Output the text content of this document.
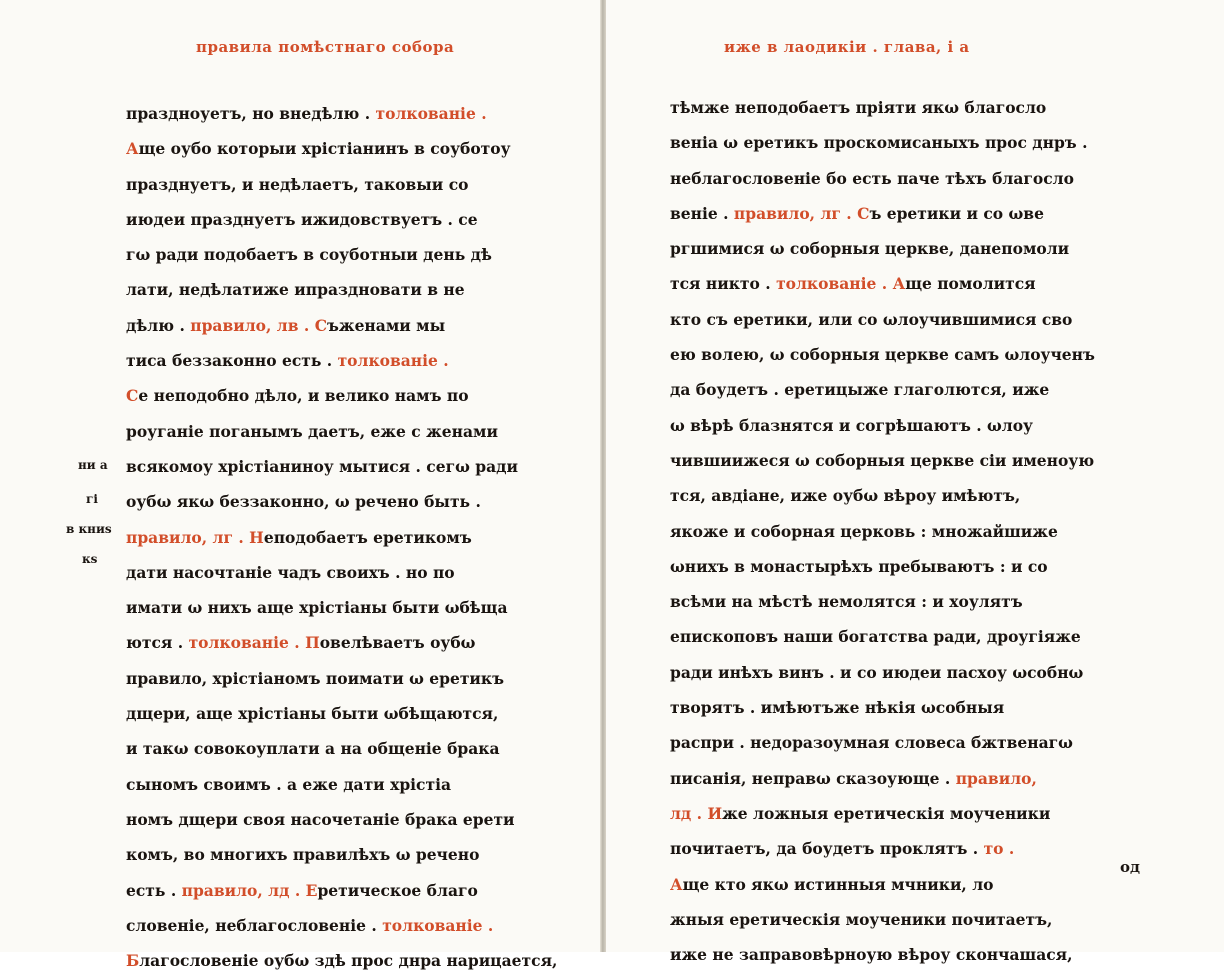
правила помѣстнаго собора
праздноуетъ, но внедѣлю . толкованіе .
Аще оубо которыи хрістіанинъ в соуботоу
празднуетъ, и недѣлаетъ, таковыи со
июдеи празднуетъ ижидовствуетъ . се
гω ради подобаетъ в соуботныи день дѣ
лати, недѣлатиже ипраздновати в не
дѣлю . правило, лв . Съженами мы
тиса беззаконно есть . толкованіе .
Се неподобно дѣло, и велико намъ по
роуганіе поганымъ даетъ, еже с женами
всякомоу хрістіанинoу мытися . сегω ради
оубω якω беззаконно, ω речено быть .
правило, лг . Неподобаетъ еретикомъ
дати насочтаніе чадъ своихъ . но по
имати ω нихъ аще хрістіаны быти ωбѣща
ются . толкованіе . Повелѣваетъ оубω
правило, хрістіаномъ поимати ω еретикъ
дщери, аще хрістіаны быти ωбѣщаются,
и такω совокоуплати а на общеніе брака
сыномъ своимъ . а еже дати хрістіа
номъ дщери своя насочетаніе брака ерети
комъ, во многихъ правилѣхъ ω речено
есть . правило, лд . Еретическое благо
словеніе, неблагословеніе . толкованіе .
Благословеніе оубω здѣ прос днра нарицается,
ни а
гі
в книѕ
кѕ
иже в лаодикіи . глава, і а
тѣмже неподобаетъ пріяти якω благосло
веніа ω еретикъ проскомисаныхъ прос днръ .
неблагословеніе бо есть паче тѣхъ благосло
веніе . правило, лг . Съ еретики и со ωве
ргшимися ω соборныя церкве, данепомоли
тся никто . толкованіе . Аще помолится
кто съ еретики, или со ωлоучившимися сво
ею волею, ω соборныя церкве самъ ωлоученъ
да боудетъ . еретицыже глаголются, иже
ω вѣрѣ блазнятся и согрѣшаютъ . ωлоу
чившиижеся ω соборныя церкве сіи именоую
тся, авдіане, иже оубω вѣроу имѣютъ,
якоже и соборная церковь : множайшиже
ωнихъ в монастырѣхъ пребываютъ : и со
всѣми на мѣстѣ немолятся : и хоулятъ
епископовъ наши богатства ради, дроугіяже
ради инѣхъ винъ . и со июдеи пасхоу ωсобнω
творятъ . имѣютъже нѣкія ωсобныя
распри . недоразоумная словеса бжтвенагω
писанія, неправω сказоующе . правило,
лд . Иже ложныя еретическія моученики
почитаетъ, да боудетъ проклятъ . то .
Аще кто якω истинныя мчники, ло
жныя еретическія моученики почитаетъ,
иже не заправовѣрноую вѣроу скончашася,
од
